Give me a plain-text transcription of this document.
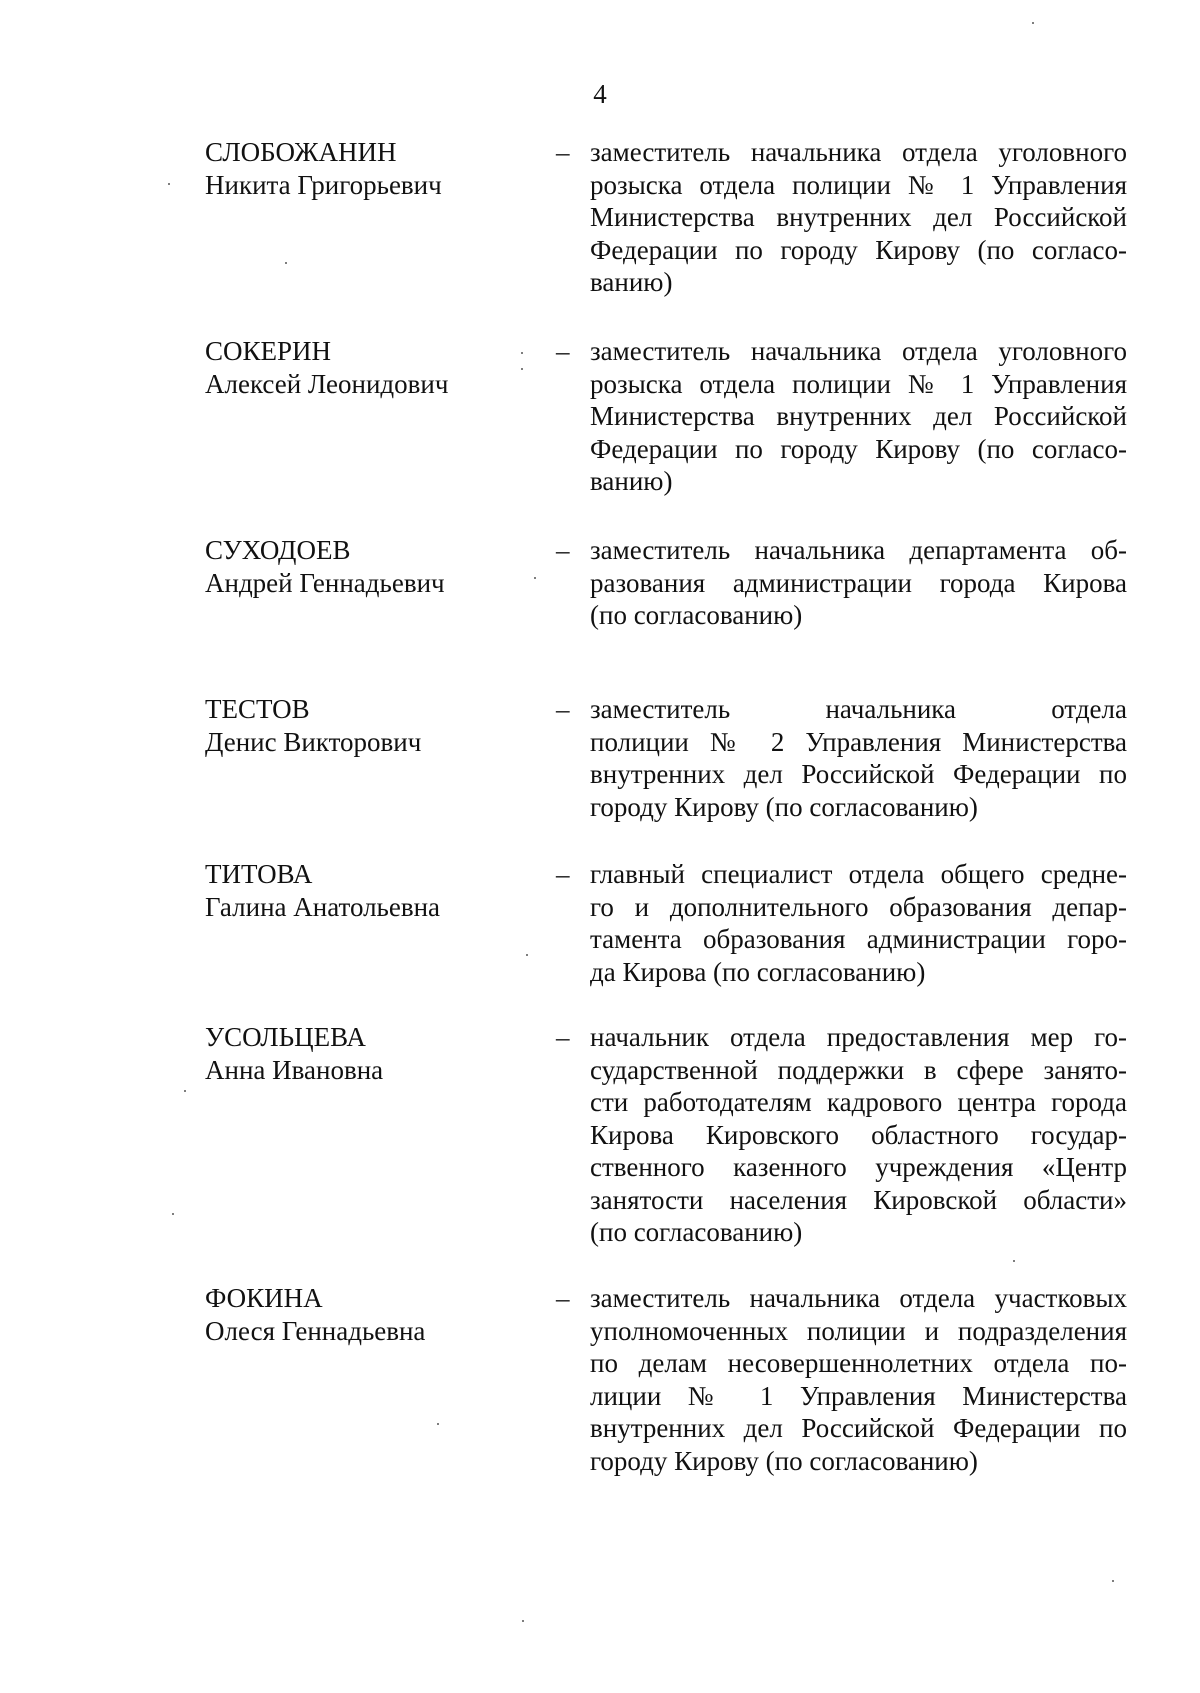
4
СЛОБОЖАНИН
Никита Григорьевич
– заместитель начальника отдела уголовного
розыска отдела полиции № 1 Управления
Министерства внутренних дел Российской
Федерации по городу Кирову (по согласо-
ванию)
СОКЕРИН
Алексей Леонидович
– заместитель начальника отдела уголовного
розыска отдела полиции № 1 Управления
Министерства внутренних дел Российской
Федерации по городу Кирову (по согласо-
ванию)
СУХОДОЕВ
Андрей Геннадьевич
– заместитель начальника департамента об-
разования администрации города Кирова
(по согласованию)
ТЕСТОВ
Денис Викторович
– заместитель начальника отдела
полиции № 2 Управления Министерства
внутренних дел Российской Федерации по
городу Кирову (по согласованию)
ТИТОВА
Галина Анатольевна
– главный специалист отдела общего средне-
го и дополнительного образования депар-
тамента образования администрации горо-
да Кирова (по согласованию)
УСОЛЬЦЕВА
Анна Ивановна
– начальник отдела предоставления мер го-
сударственной поддержки в сфере занято-
сти работодателям кадрового центра города
Кирова Кировского областного государ-
ственного казенного учреждения «Центр
занятости населения Кировской области»
(по согласованию)
ФОКИНА
Олеся Геннадьевна
– заместитель начальника отдела участковых
уполномоченных полиции и подразделения
по делам несовершеннолетних отдела по-
лиции № 1 Управления Министерства
внутренних дел Российской Федерации по
городу Кирову (по согласованию)
